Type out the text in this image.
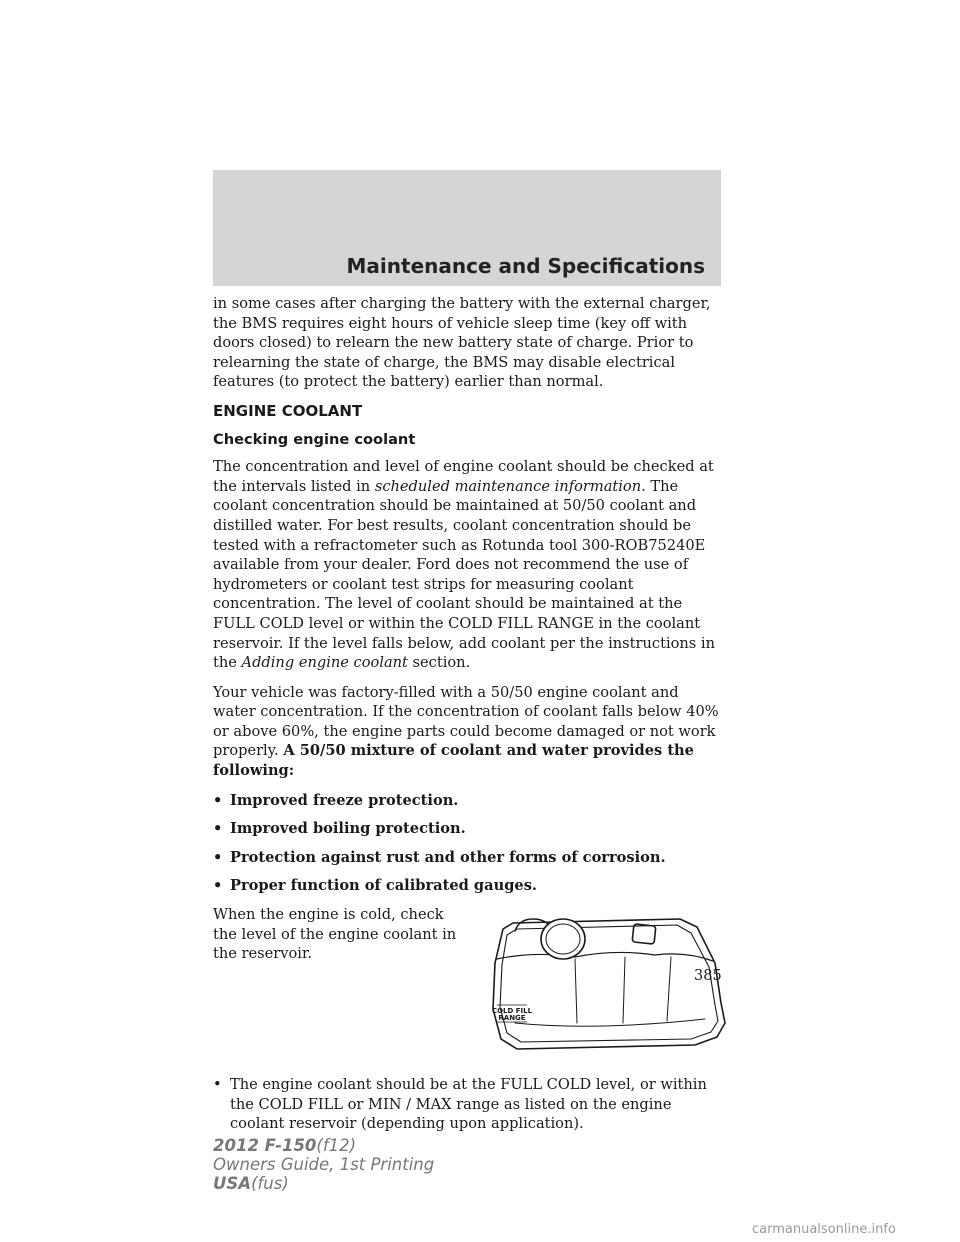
Maintenance and Specifications

in some cases after charging the battery with the external charger, the BMS requires eight hours of vehicle sleep time (key off with doors closed) to relearn the new battery state of charge. Prior to relearning the state of charge, the BMS may disable electrical features (to protect the battery) earlier than normal.

ENGINE COOLANT
Checking engine coolant

The concentration and level of engine coolant should be checked at the intervals listed in scheduled maintenance information. The coolant concentration should be maintained at 50/50 coolant and distilled water. For best results, coolant concentration should be tested with a refractometer such as Rotunda tool 300-ROB75240E available from your dealer. Ford does not recommend the use of hydrometers or coolant test strips for measuring coolant concentration. The level of coolant should be maintained at the FULL COLD level or within the COLD FILL RANGE in the coolant reservoir. If the level falls below, add coolant per the instructions in the Adding engine coolant section.

Your vehicle was factory-filled with a 50/50 engine coolant and water concentration. If the concentration of coolant falls below 40% or above 60%, the engine parts could become damaged or not work properly. A 50/50 mixture of coolant and water provides the following:

• Improved freeze protection.
• Improved boiling protection.
• Protection against rust and other forms of corrosion.
• Proper function of calibrated gauges.
When the engine is cold, check the level of the engine coolant in the reservoir.
COLD FILL
RANGE
• The engine coolant should be at the FULL COLD level, or within the COLD FILL or MIN / MAX range as listed on the engine coolant reservoir (depending upon application).
385
2012 F-150(f12)
Owners Guide, 1st Printing
USA(fus)
carmanualsonline.info
